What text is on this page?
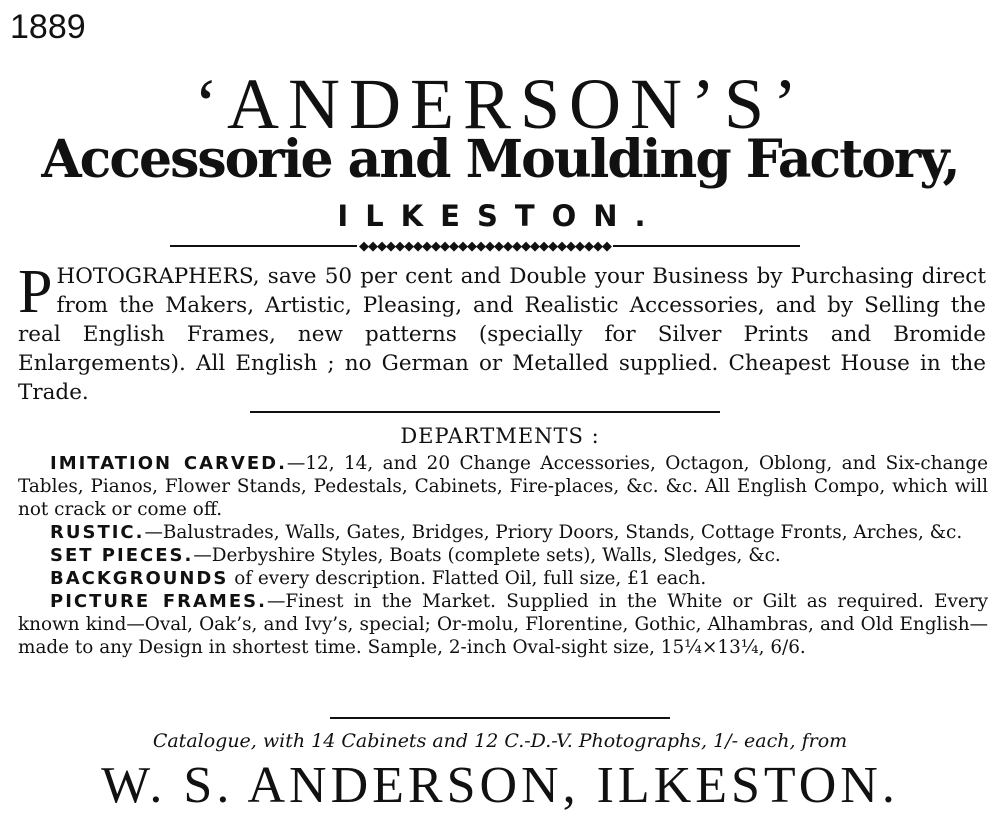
1889
‘ANDERSON’S’
Accessorie and Moulding Factory,
ILKESTON.
◆◆◆◆◆◆◆◆◆◆◆◆◆◆◆◆◆◆◆◆◆◆◆◆◆◆◆◆
PHOTOGRAPHERS, save 50 per cent and Double your Business by Purchasing direct from the Makers, Artistic, Pleasing, and Realistic Accessories, and by Selling the real English Frames, new patterns (specially for Silver Prints and Bromide Enlargements). All English ; no German or Metalled supplied. Cheapest House in the Trade.
DEPARTMENTS :

IMITATION CARVED.—12, 14, and 20 Change Accessories, Octagon, Oblong, and Six-change Tables, Pianos, Flower Stands, Pedestals, Cabinets, Fire-places, &c. &c. All English Compo, which will not crack or come off.

RUSTIC.—Balustrades, Walls, Gates, Bridges, Priory Doors, Stands, Cottage Fronts, Arches, &c.

SET PIECES.—Derbyshire Styles, Boats (complete sets), Walls, Sledges, &c.

BACKGROUNDS of every description. Flatted Oil, full size, £1 each.

PICTURE FRAMES.—Finest in the Market. Supplied in the White or Gilt as required. Every known kind—Oval, Oak’s, and Ivy’s, special; Or-molu, Florentine, Gothic, Alhambras, and Old English—made to any Design in shortest time. Sample, 2-inch Oval-sight size, 15¼×13¼, 6/6.

Catalogue, with 14 Cabinets and 12 C.-D.-V. Photographs, 1/- each, from
W. S. ANDERSON, ILKESTON.
